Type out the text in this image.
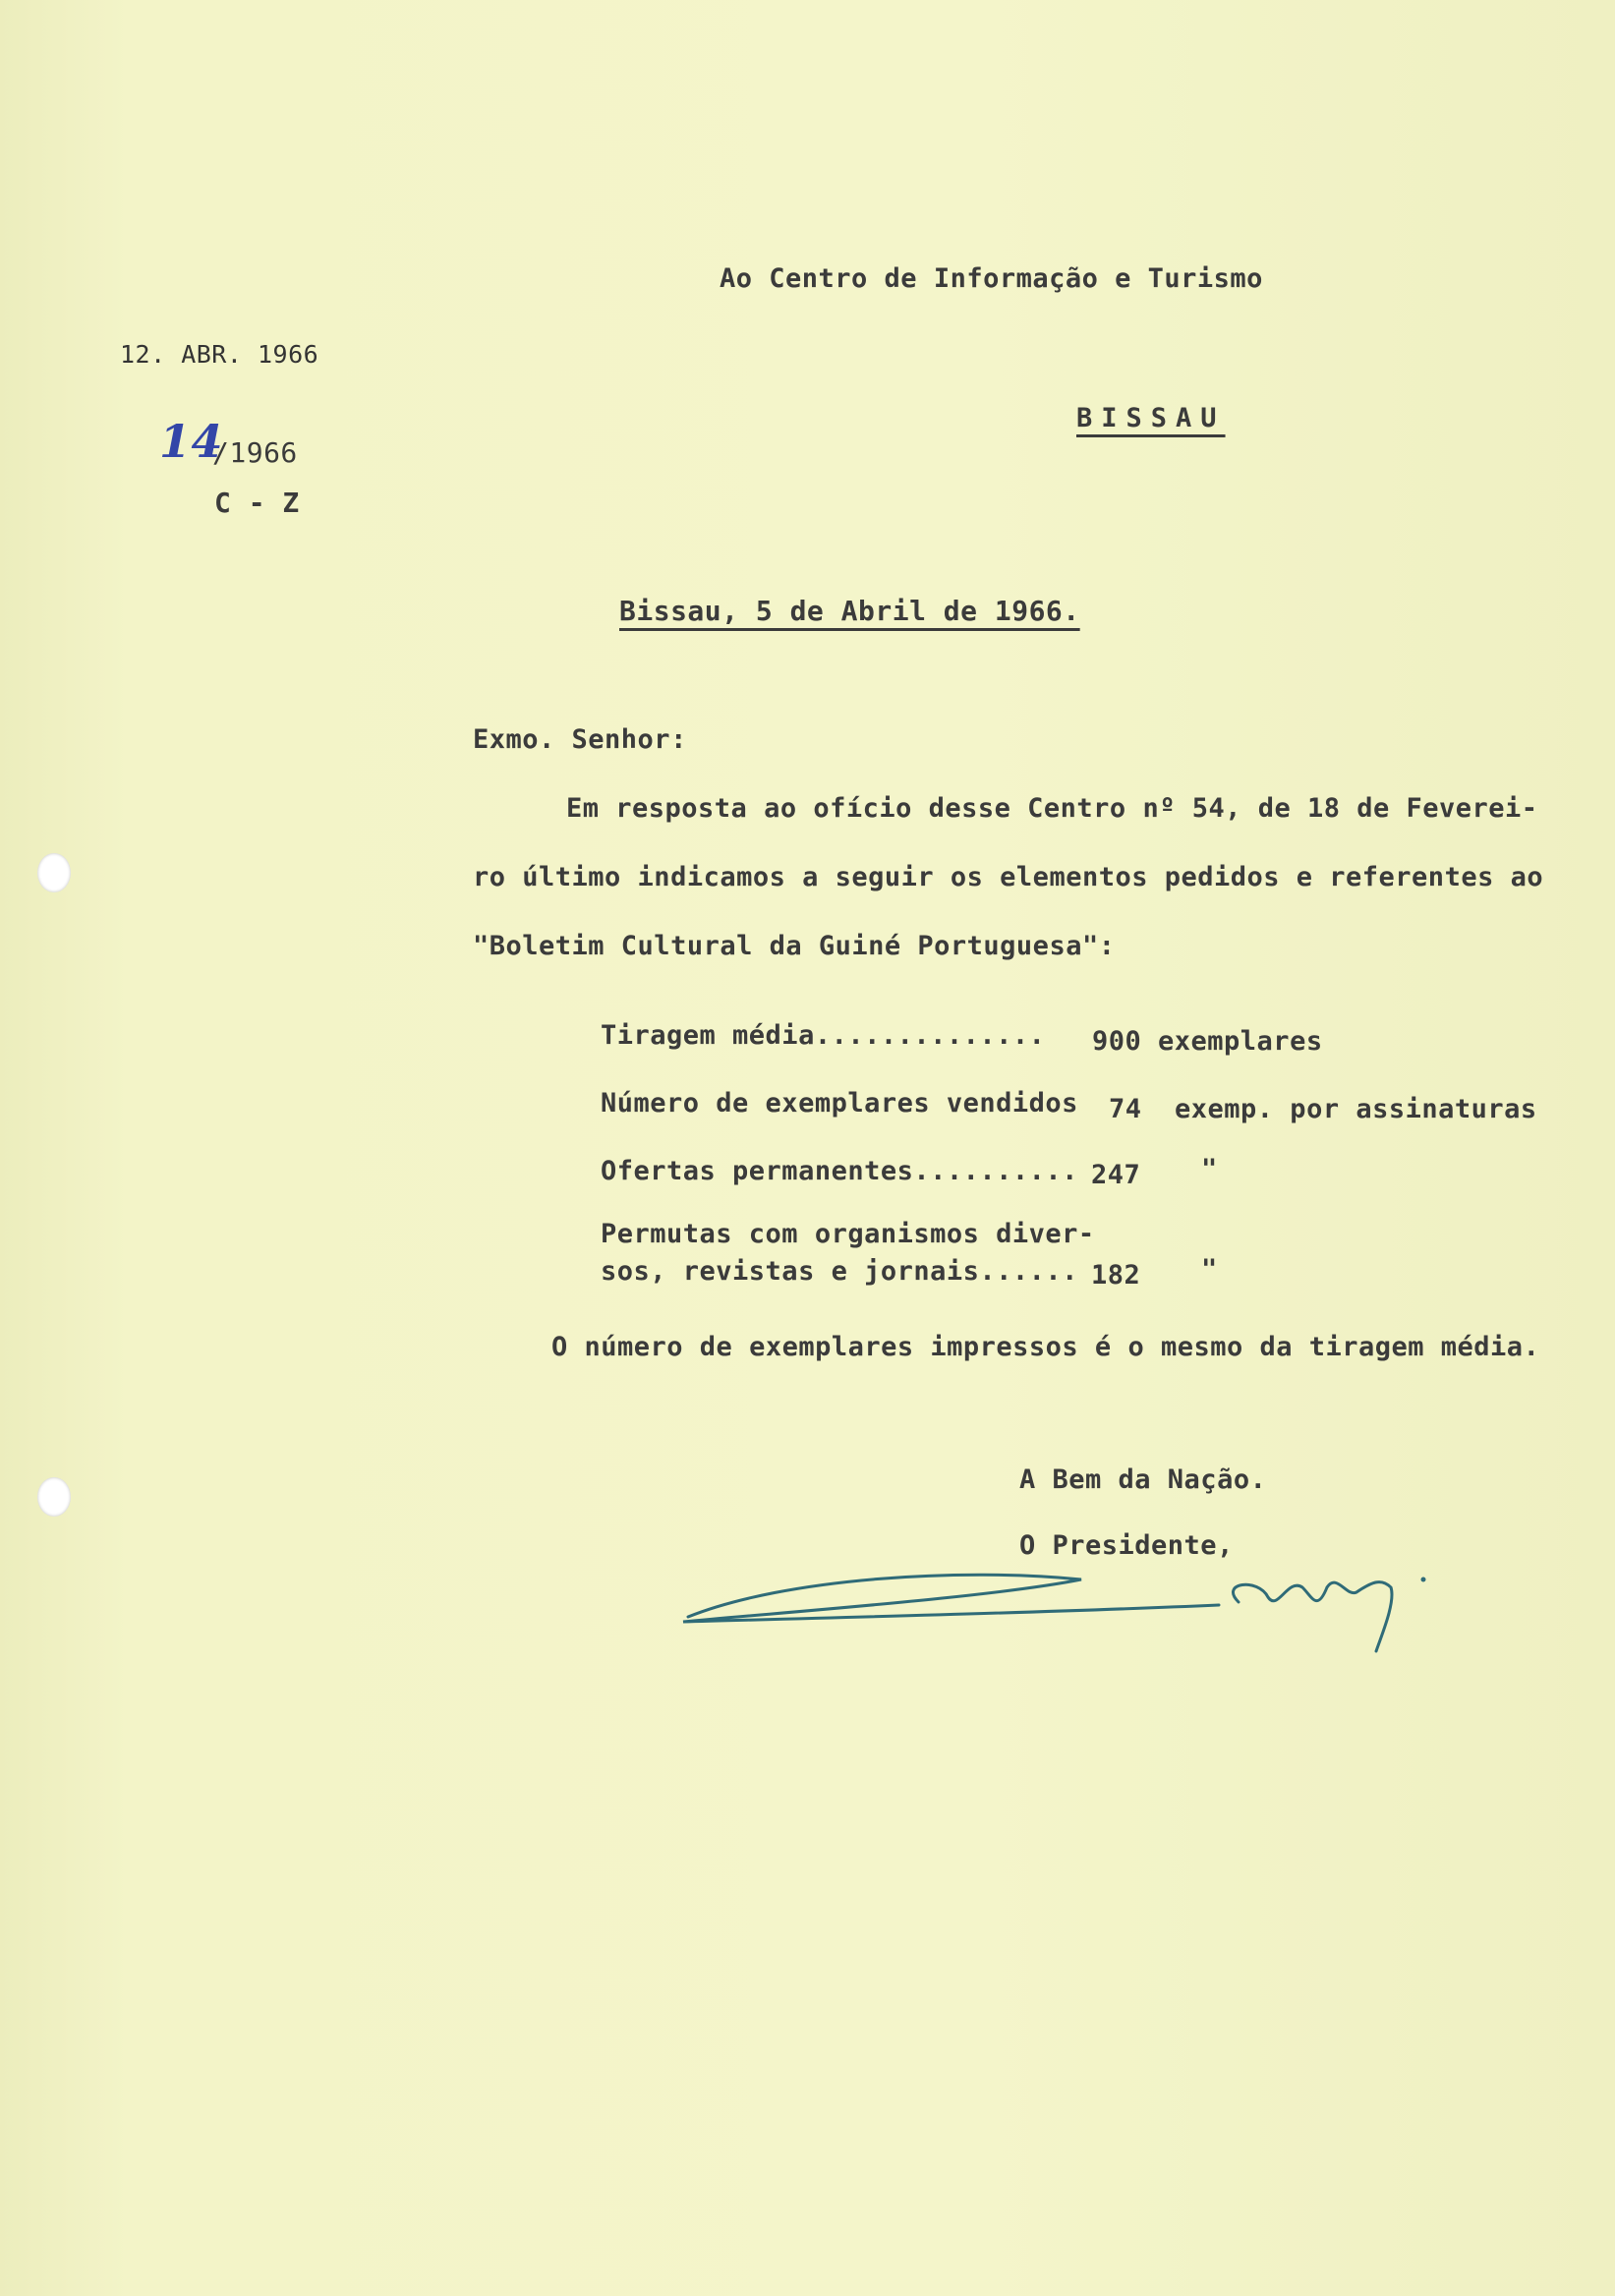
Ao Centro de Informação e Turismo
BISSAU
12. ABR. 1966
14
/1966
C - Z
Bissau, 5 de Abril de 1966.
Exmo. Senhor:
Em resposta ao ofício desse Centro nº 54, de 18 de Feverei-
ro último indicamos a seguir os elementos pedidos e referentes ao
"Boletim Cultural da Guiné Portuguesa":
Tiragem média.............. 900 exemplares
Número de exemplares vendidos 74  exemp. por assinaturas
Ofertas permanentes.......... 247 "
Permutas com organismos diver-
sos, revistas e jornais...... 182 "
O número de exemplares impressos é o mesmo da tiragem média.
A Bem da Nação.
O Presidente,
